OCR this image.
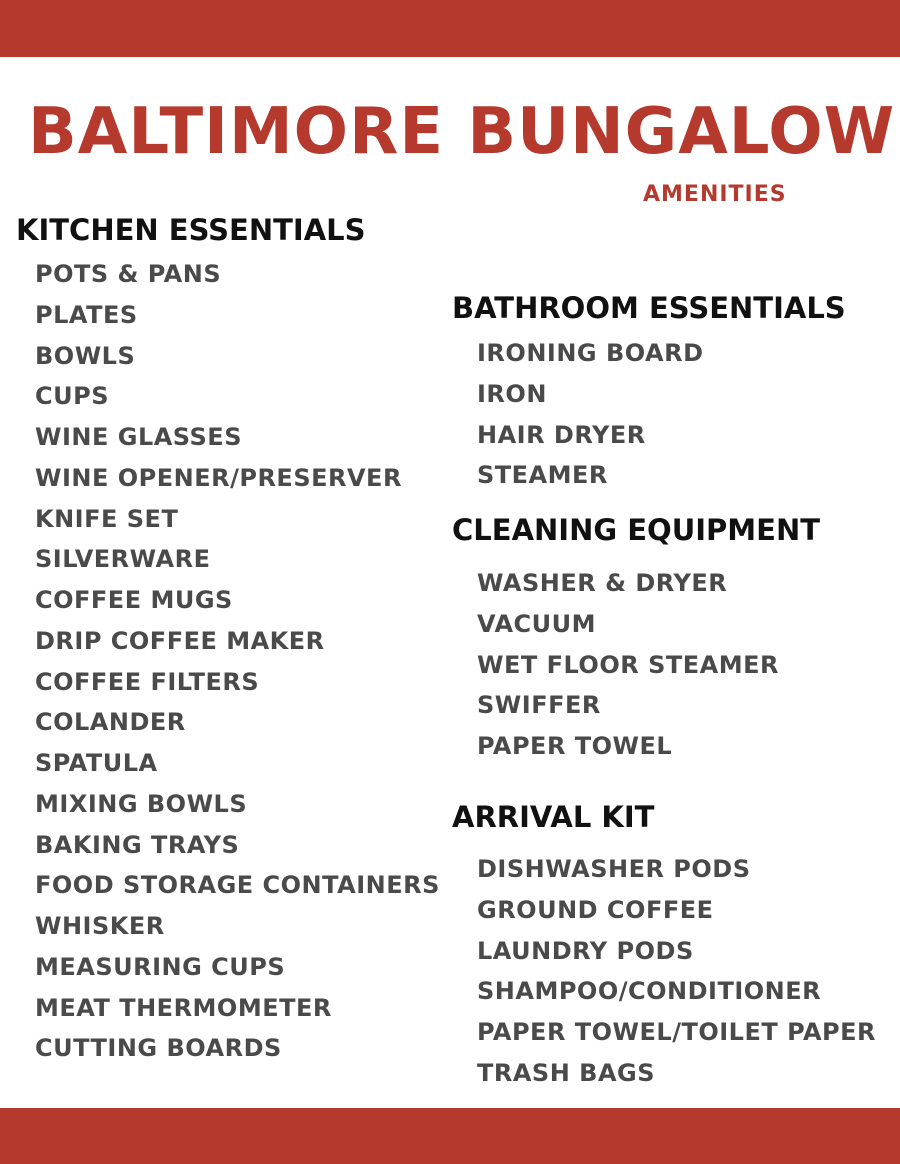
BALTIMORE BUNGALOW
AMENITIES
KITCHEN ESSENTIALS
POTS & PANS
PLATES
BOWLS
CUPS
WINE GLASSES
WINE OPENER/PRESERVER
KNIFE SET
SILVERWARE
COFFEE MUGS
DRIP COFFEE MAKER
COFFEE FILTERS
COLANDER
SPATULA
MIXING BOWLS
BAKING TRAYS
FOOD STORAGE CONTAINERS
WHISKER
MEASURING CUPS
MEAT THERMOMETER
CUTTING BOARDS
BATHROOM ESSENTIALS
IRONING BOARD
IRON
HAIR DRYER
STEAMER
CLEANING EQUIPMENT
WASHER & DRYER
VACUUM
WET FLOOR STEAMER
SWIFFER
PAPER TOWEL
ARRIVAL KIT
DISHWASHER PODS
GROUND COFFEE
LAUNDRY PODS
SHAMPOO/CONDITIONER
PAPER TOWEL/TOILET PAPER
TRASH BAGS
